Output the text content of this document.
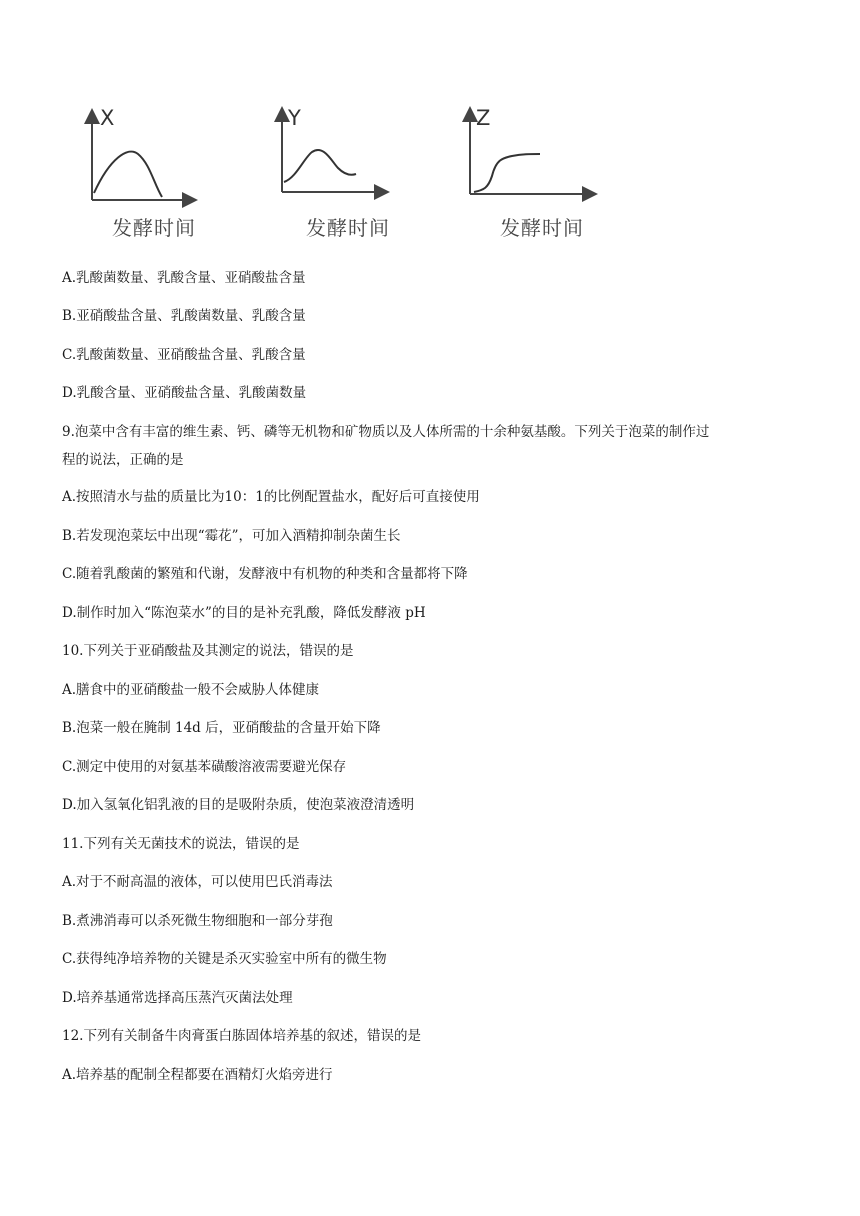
X
发酵时间
Y
发酵时间
Z
发酵时间
A.乳酸菌数量、乳酸含量、亚硝酸盐含量
B.亚硝酸盐含量、乳酸菌数量、乳酸含量
C.乳酸菌数量、亚硝酸盐含量、乳酸含量
D.乳酸含量、亚硝酸盐含量、乳酸菌数量
9.泡菜中含有丰富的维生素、钙、磷等无机物和矿物质以及人体所需的十余种氨基酸。下列关于泡菜的制作过
程的说法，正确的是
A.按照清水与盐的质量比为10：1的比例配置盐水，配好后可直接使用
B.若发现泡菜坛中出现“霉花”，可加入酒精抑制杂菌生长
C.随着乳酸菌的繁殖和代谢，发酵液中有机物的种类和含量都将下降
D.制作时加入“陈泡菜水”的目的是补充乳酸，降低发酵液 pH
10.下列关于亚硝酸盐及其测定的说法，错误的是
A.膳食中的亚硝酸盐一般不会威胁人体健康
B.泡菜一般在腌制 14d 后，亚硝酸盐的含量开始下降
C.测定中使用的对氨基苯磺酸溶液需要避光保存
D.加入氢氧化铝乳液的目的是吸附杂质，使泡菜液澄清透明
11.下列有关无菌技术的说法，错误的是
A.对于不耐高温的液体，可以使用巴氏消毒法
B.煮沸消毒可以杀死微生物细胞和一部分芽孢
C.获得纯净培养物的关键是杀灭实验室中所有的微生物
D.培养基通常选择高压蒸汽灭菌法处理
12.下列有关制备牛肉膏蛋白胨固体培养基的叙述，错误的是
A.培养基的配制全程都要在酒精灯火焰旁进行
